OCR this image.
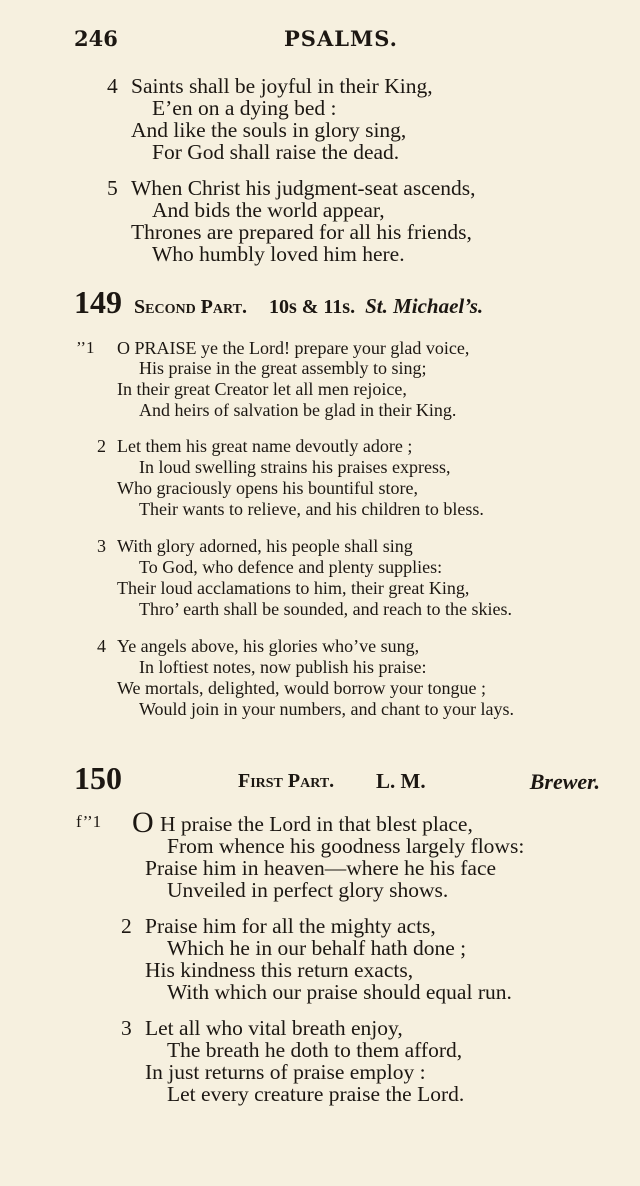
246	PSALMS.
4 Saints shall be joyful in their King,
E’en on a dying bed :
And like the souls in glory sing,
For God shall raise the dead.
5 When Christ his judgment-seat ascends,
And bids the world appear,
Thrones are prepared for all his friends,
Who humbly loved him here.
149 Second Part. 10s & 11s. St. Michael’s.
’’1 O PRAISE ye the Lord! prepare your glad voice,
His praise in the great assembly to sing;
In their great Creator let all men rejoice,
And heirs of salvation be glad in their King.
2 Let them his great name devoutly adore ;
In loud swelling strains his praises express,
Who graciously opens his bountiful store,
Their wants to relieve, and his children to bless.
3 With glory adorned, his people shall sing
To God, who defence and plenty supplies:
Their loud acclamations to him, their great King,
Thro’ earth shall be sounded, and reach to the skies.
4 Ye angels above, his glories who’ve sung,
In loftiest notes, now publish his praise:
We mortals, delighted, would borrow your tongue ;
Would join in your numbers, and chant to your lays.
150	First Part. L. M.	Brewer.
f’’1 O H praise the Lord in that blest place,
From whence his goodness largely flows:
Praise him in heaven—where he his face
Unveiled in perfect glory shows.
2 Praise him for all the mighty acts,
Which he in our behalf hath done ;
His kindness this return exacts,
With which our praise should equal run.
3 Let all who vital breath enjoy,
The breath he doth to them afford,
In just returns of praise employ :
Let every creature praise the Lord.
